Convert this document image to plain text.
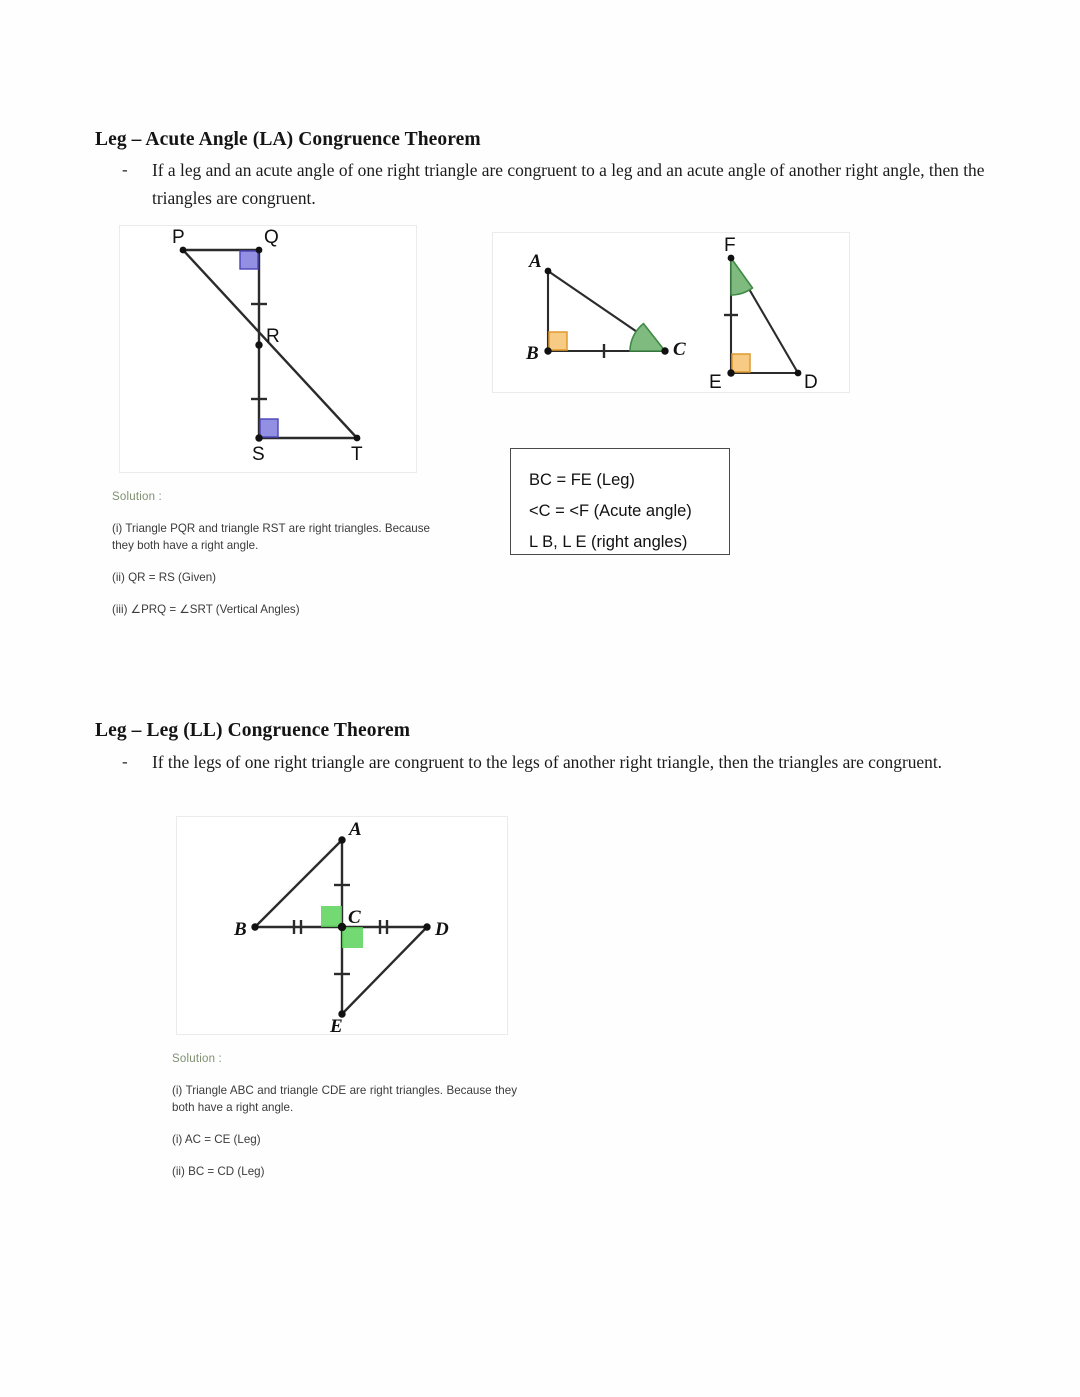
Leg – Acute Angle (LA) Congruence Theorem
-	If a leg and an acute angle of one right triangle are congruent to a leg and an acute angle of another right angle, then the triangles are congruent.
P	Q
R
S	T
A
B	C
F
E	D
BC = FE (Leg)
<C = <F (Acute angle)
L B, L E (right angles)
Solution :
(i) Triangle PQR and triangle RST are right triangles. Because they both have a right angle.
(ii) QR = RS (Given)
(iii) ∠PRQ = ∠SRT (Vertical Angles)
Leg – Leg (LL) Congruence Theorem
-	If the legs of one right triangle are congruent to the legs of another right triangle, then the triangles are congruent.
A
B
C
D
E
Solution :
(i) Triangle ABC and triangle CDE are right triangles. Because they both have a right angle.
(i) AC = CE (Leg)
(ii) BC = CD (Leg)
